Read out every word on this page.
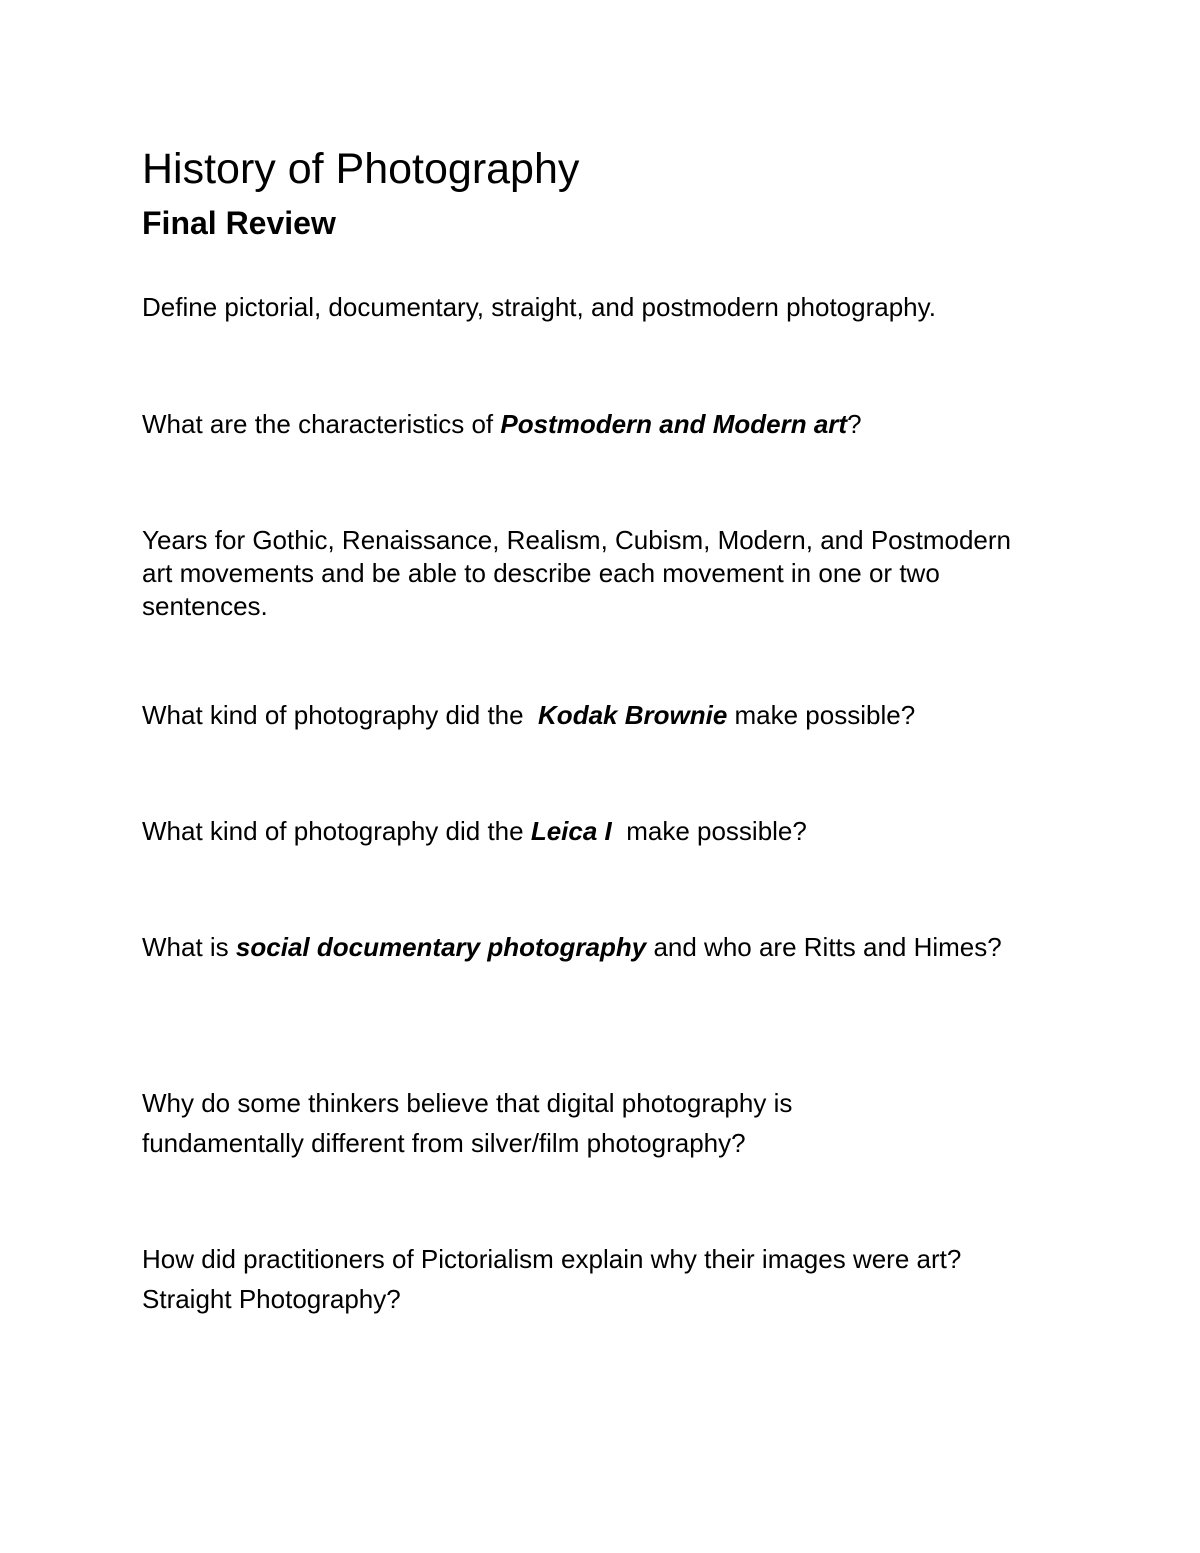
History of Photography
Final Review

Define pictorial, documentary, straight, and postmodern photography.

What are the characteristics of Postmodern and Modern art?

Years for Gothic, Renaissance, Realism, Cubism, Modern, and Postmodern art movements and be able to describe each movement in one or two sentences.

What kind of photography did the  Kodak Brownie make possible?

What kind of photography did the Leica I  make possible?

What is social documentary photography and who are Ritts and Himes?

Why do some thinkers believe that digital photography is fundamentally different from silver/film photography?

How did practitioners of Pictorialism explain why their images were art? Straight Photography?
